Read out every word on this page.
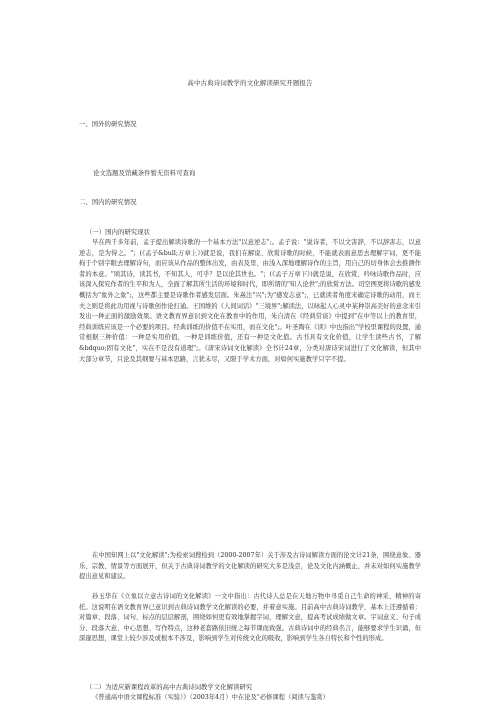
高中古典诗词教学的文化解读研究开题报告
一、国外的研究情况
论文选题及馆藏条件暂无资料可查询
二、国内的研究情况
（一）国内的研究现状

早在两千多年前，孟子提出解读诗歌的一个基本方法"以意逆志";。孟子说："说诗者，不以文害辞，不以辞害志，以意逆志，是为得之。"；(《孟子&bull;万章上》)就是说，我们在解说、欣赏诗歌的时候，不能就表面意思去理解字词，更不能拘于个别字眼去理解诗句，而应该从作品的整体出发，由表及里、由浅入深地理解诗作的主旨，用自己的切身体会去推测作者的本意。"颂其诗，读其书，不知其人，可乎？是以论其世也。"；(《孟子万章下》)就是说，在欣赏、吟咏诗歌作品时，应该深入探究作者的生平和为人，全面了解其所生活的环境和时代，即所谓的"知人论世";的欣赏方法。司空图更将诗歌的感发概括为"象外之象";，这些都主要是诗歌作者感发层面。朱熹注"兴";为"感发志意";，已就读者角度来确定诗歌的动用，而王夫之则是将此功用视与诗歌创作论打通。王国维的《人间词话》"三境界";解读法，以咏起人心灵中某种崇高美好的意念来引发出一种正面的激励效果。语文教育界意识到文化在教育中的作用，朱自清在《经典常谈》中提到"在中等以上的教育里，经典训练应该是一个必要的项目。经典训练的价值不在实用，而在文化";。叶圣陶在《读》中也指出"学校里课程的设置，通常根据三种价值：一种是实用价值，一种是训练价值，还有一种是文化值。古书具有文化价值，让学生读些古书，了解&bdquo;固有文化"，实在不是没有道理";。《唐宋诗词文化解读》全书计24章，分类对唐诗宋词进行了文化解读，但其中大部分章节，只论及其纲要与基本思路，言犹未尽，又限于学术方面，对如何实施教学只字不提。

在中国知网上以"文化解读";为检索词搜检到（2000-2007年）关于涉及古诗词解读方面的论文计21条，围绕意象、器乐、宗教、情景等方面展开，但关于古典诗词教学的文化解读的研究大多是浅尝，论及文化内涵概止，并未对如何实施教学提出意见和建议。

孙玉华在《立象以立意古诗词的文化解读》一文中指出：古代诗人总是在天地万物中寻觅自己生命的神采、精神的寄托。这说明在语文教育界已意识到古典诗词教学文化解读的必要，并着意实施。目前高中古典诗词教学，基本上还遵循着：对篇章、段落、词句、标点的层层解剖，围绕如何更有效地掌握字词，理解文意，提高考试成绩做文章。字词意义、句子成分、段落大意、中心思想、写作特点，这种老套路依旧统之每节课而致强。古典诗词中的经典名言，能够要求学生识诵，但深邃思想，课堂上较少涉及或根本不涉及，影响到学生对传统文化的吸收，影响到学生各自特长和个性的形成。

（二）为适应新课程改革的高中古典诗词教学文化解读研究

《普通高中语文课程标准（实验）》（2003年4月）中在论及"必修课程（阅读与鉴赏）
